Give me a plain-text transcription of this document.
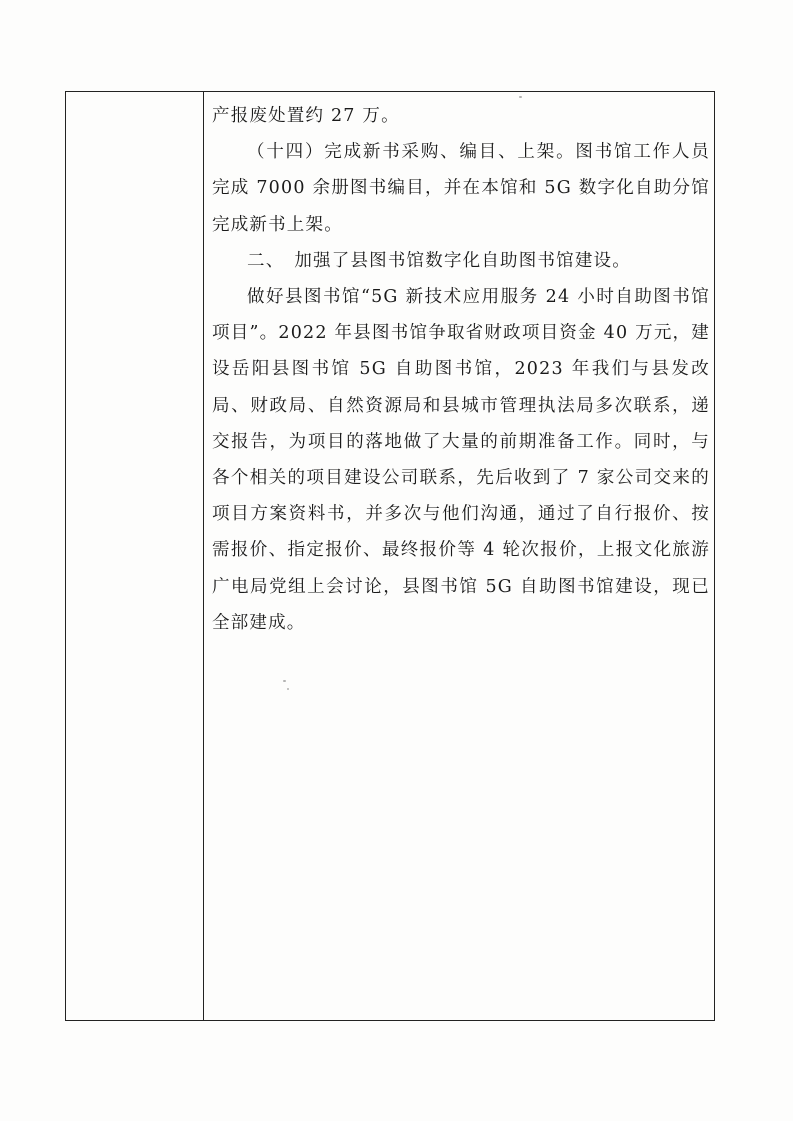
产报废处置约 27 万。

（十四）完成新书采购、编目、上架。图书馆工作人员完成 7000 余册图书编目，并在本馆和 5G 数字化自助分馆完成新书上架。

二、　加强了县图书馆数字化自助图书馆建设。

做好县图书馆“5G 新技术应用服务 24 小时自助图书馆项目”。2022 年县图书馆争取省财政项目资金 40 万元，建设岳阳县图书馆 5G 自助图书馆，2023 年我们与县发改局、财政局、自然资源局和县城市管理执法局多次联系，递交报告，为项目的落地做了大量的前期准备工作。同时，与各个相关的项目建设公司联系，先后收到了 7 家公司交来的项目方案资料书，并多次与他们沟通，通过了自行报价、按需报价、指定报价、最终报价等 4 轮次报价，上报文化旅游广电局党组上会讨论，县图书馆 5G 自助图书馆建设，现已全部建成。
